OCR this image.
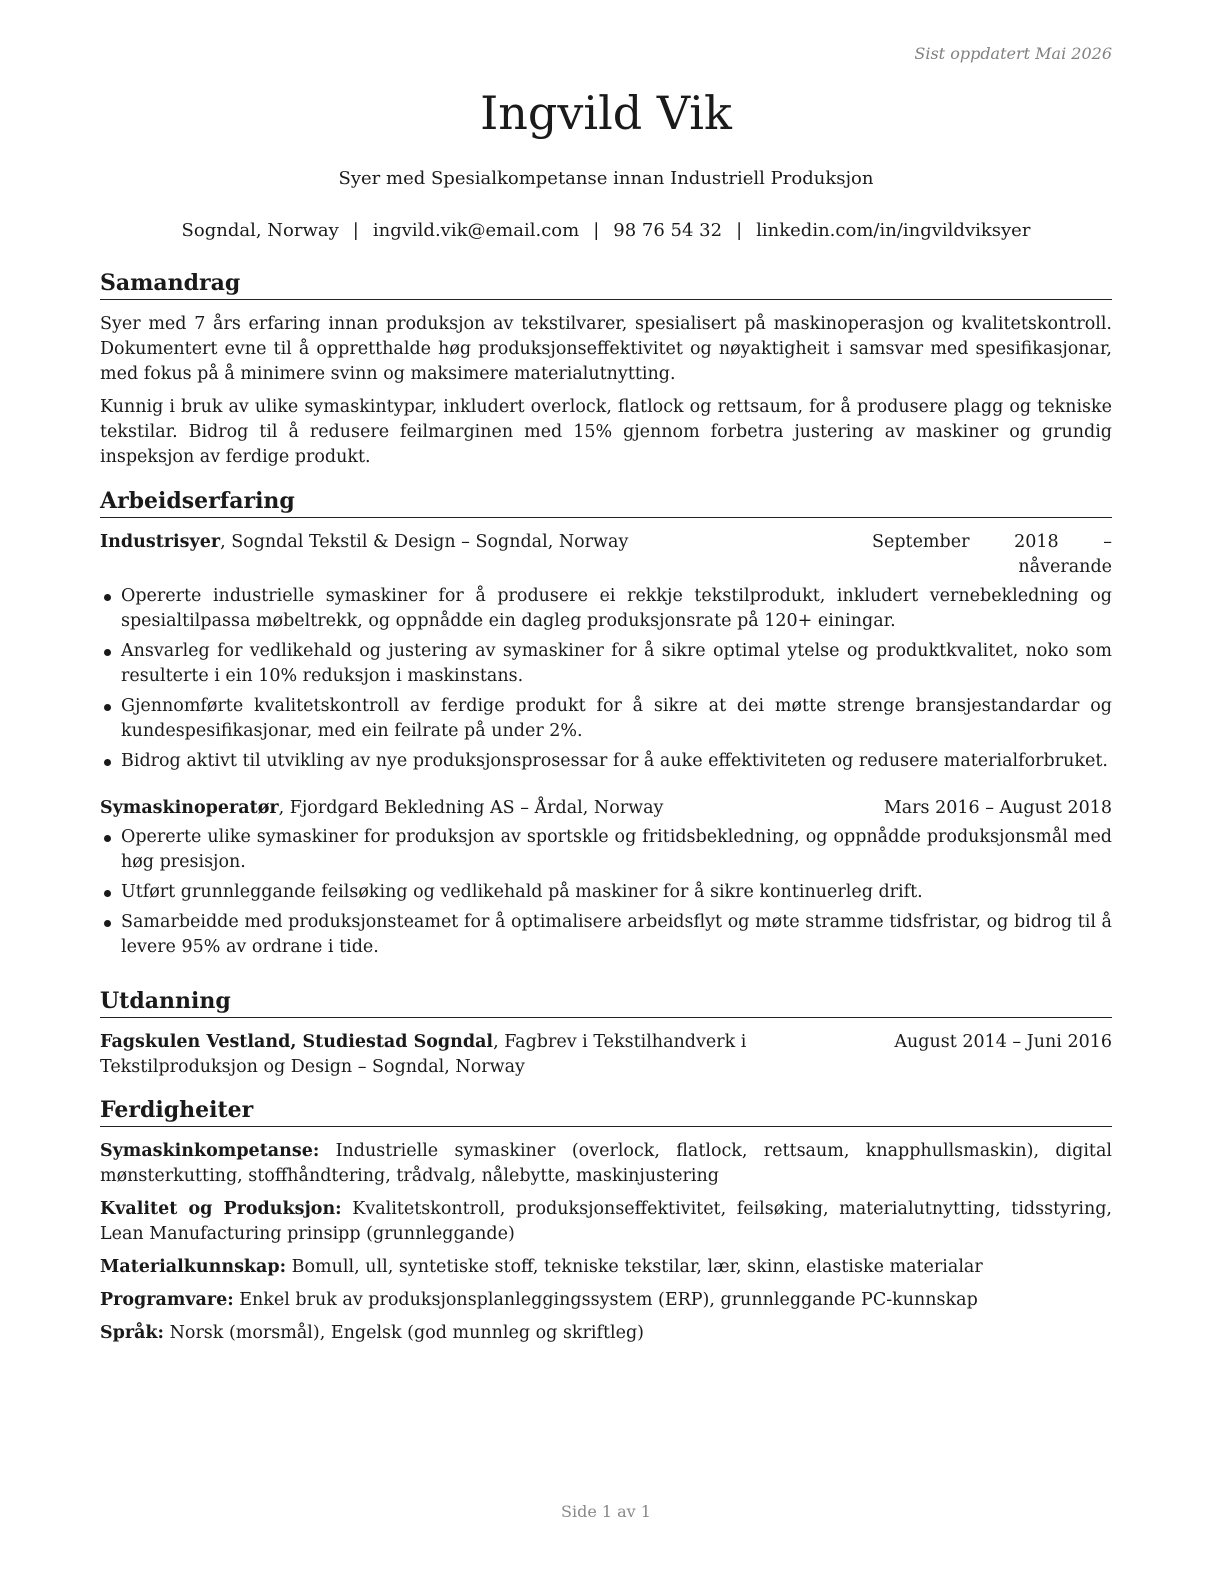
Sist oppdatert Mai 2026
Ingvild Vik
Syer med Spesialkompetanse innan Industriell Produksjon
Sogndal, Norway | ingvild.vik@email.com | 98 76 54 32 | linkedin.com/in/ingvildviksyer
Samandrag

Syer med 7 års erfaring innan produksjon av tekstilvarer, spesialisert på maskinoperasjon og kvalitetskontroll. Dokumentert evne til å oppretthalde høg produksjonseffektivitet og nøyaktigheit i samsvar med spesifikasjonar, med fokus på å minimere svinn og maksimere materialutnytting.

Kunnig i bruk av ulike symaskintypar, inkludert overlock, flatlock og rettsaum, for å produsere plagg og tekniske tekstilar. Bidrog til å redusere feilmarginen med 15% gjennom forbetra justering av maskiner og grundig inspeksjon av ferdige produkt.

Arbeidserfaring
Industrisyer, Sogndal Tekstil & Design – Sogndal, Norway	September 2018 – nåverande
Opererte industrielle symaskiner for å produsere ei rekkje tekstilprodukt, inkludert vernebekledning og spesialtilpassa møbeltrekk, og oppnådde ein dagleg produksjonsrate på 120+ einingar.
Ansvarleg for vedlikehald og justering av symaskiner for å sikre optimal ytelse og produktkvalitet, noko som resulterte i ein 10% reduksjon i maskinstans.
Gjennomførte kvalitetskontroll av ferdige produkt for å sikre at dei møtte strenge bransjestandardar og kundespesifikasjonar, med ein feilrate på under 2%.
Bidrog aktivt til utvikling av nye produksjonsprosessar for å auke effektiviteten og redusere materialforbruket.
Symaskinoperatør, Fjordgard Bekledning AS – Årdal, Norway	Mars 2016 – August 2018
Opererte ulike symaskiner for produksjon av sportskle og fritidsbekledning, og oppnådde produksjonsmål med høg presisjon.
Utført grunnleggande feilsøking og vedlikehald på maskiner for å sikre kontinuerleg drift.
Samarbeidde med produksjonsteamet for å optimalisere arbeidsflyt og møte stramme tidsfristar, og bidrog til å levere 95% av ordrane i tide.
Utdanning
Fagskulen Vestland, Studiestad Sogndal, Fagbrev i Tekstilhandverk i Tekstilproduksjon og Design – Sogndal, Norway
August 2014 – Juni 2016
Ferdigheiter

Symaskinkompetanse: Industrielle symaskiner (overlock, flatlock, rettsaum, knapphullsmaskin), digital mønsterkutting, stoffhåndtering, trådvalg, nålebytte, maskinjustering

Kvalitet og Produksjon: Kvalitetskontroll, produksjonseffektivitet, feilsøking, materialutnytting, tidsstyring, Lean Manufacturing prinsipp (grunnleggande)

Materialkunnskap: Bomull, ull, syntetiske stoff, tekniske tekstilar, lær, skinn, elastiske materialar

Programvare: Enkel bruk av produksjonsplanleggingssystem (ERP), grunnleggande PC-kunnskap

Språk: Norsk (morsmål), Engelsk (god munnleg og skriftleg)

Side 1 av 1
